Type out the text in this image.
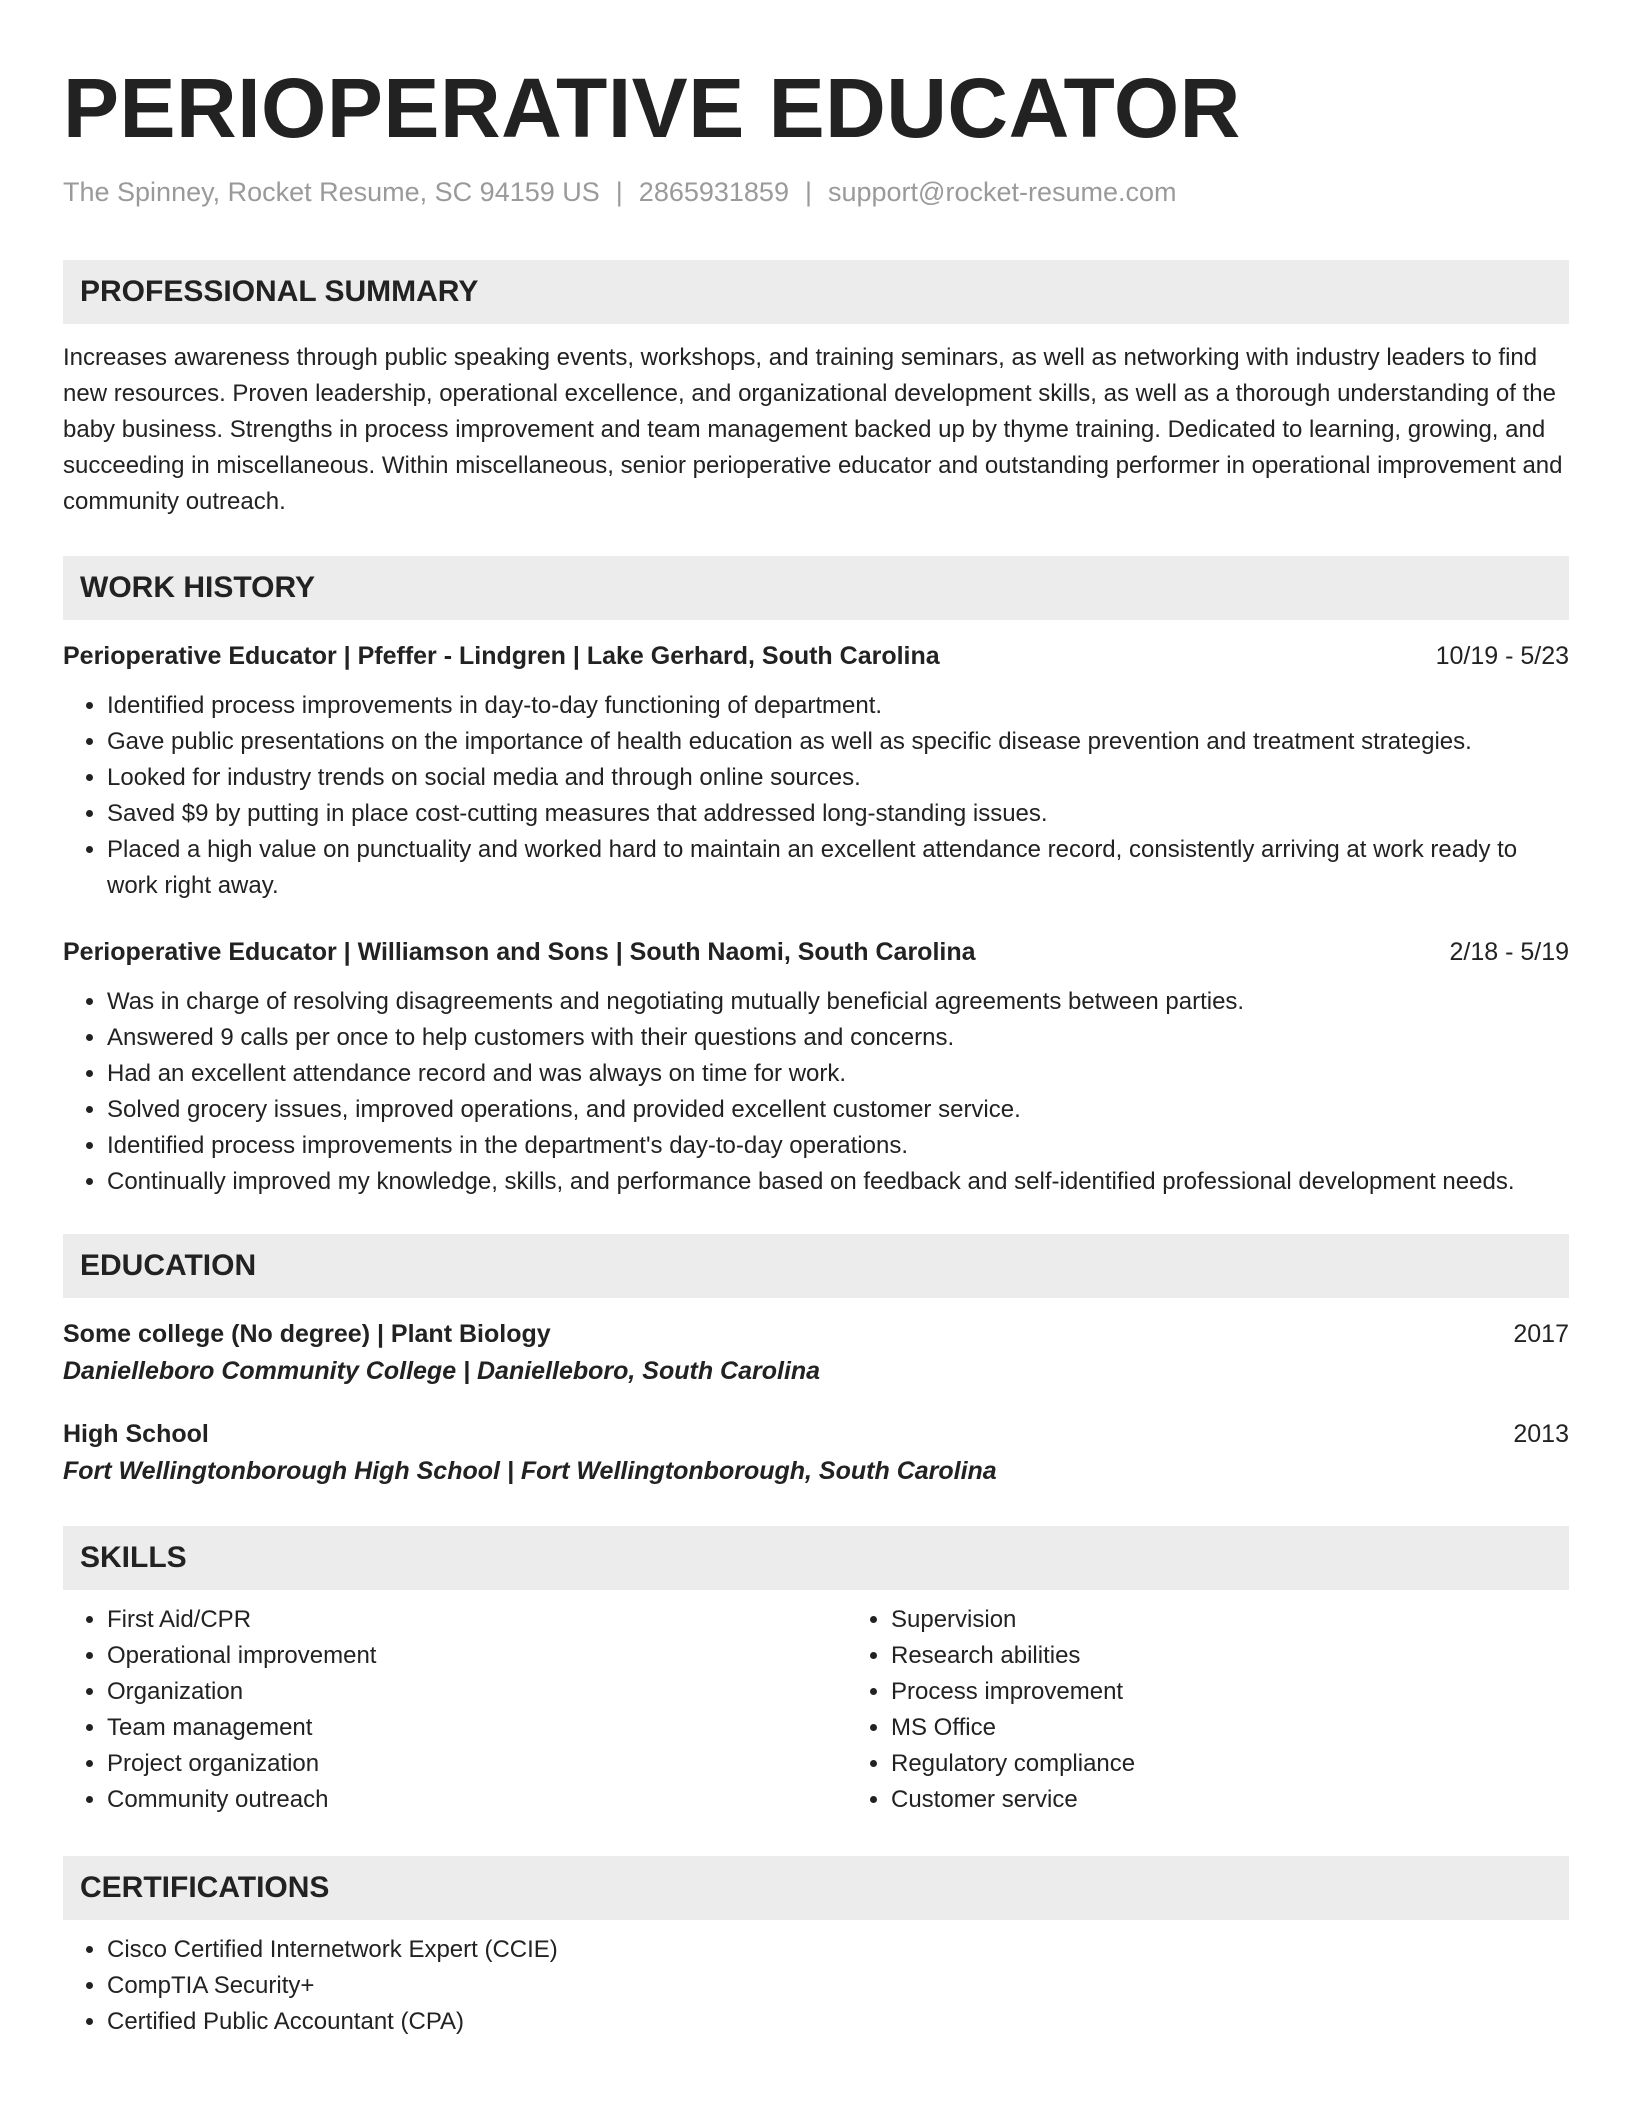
PERIOPERATIVE EDUCATOR
The Spinney, Rocket Resume, SC 94159 US | 2865931859 | support@rocket-resume.com
PROFESSIONAL SUMMARY
Increases awareness through public speaking events, workshops, and training seminars, as well as networking with industry leaders to find new resources. Proven leadership, operational excellence, and organizational development skills, as well as a thorough understanding of the baby business. Strengths in process improvement and team management backed up by thyme training. Dedicated to learning, growing, and succeeding in miscellaneous. Within miscellaneous, senior perioperative educator and outstanding performer in operational improvement and community outreach.
WORK HISTORY
Perioperative Educator | Pfeffer - Lindgren | Lake Gerhard, South Carolina	10/19 - 5/23
• Identified process improvements in day-to-day functioning of department.
• Gave public presentations on the importance of health education as well as specific disease prevention and treatment strategies.
• Looked for industry trends on social media and through online sources.
• Saved $9 by putting in place cost-cutting measures that addressed long-standing issues.
• Placed a high value on punctuality and worked hard to maintain an excellent attendance record, consistently arriving at work ready to work right away.
Perioperative Educator | Williamson and Sons | South Naomi, South Carolina	2/18 - 5/19
• Was in charge of resolving disagreements and negotiating mutually beneficial agreements between parties.
• Answered 9 calls per once to help customers with their questions and concerns.
• Had an excellent attendance record and was always on time for work.
• Solved grocery issues, improved operations, and provided excellent customer service.
• Identified process improvements in the department's day-to-day operations.
• Continually improved my knowledge, skills, and performance based on feedback and self-identified professional development needs.
EDUCATION
Some college (No degree) | Plant Biology	2017
Danielleboro Community College | Danielleboro, South Carolina
High School	2013
Fort Wellingtonborough High School | Fort Wellingtonborough, South Carolina
SKILLS
• First Aid/CPR
• Operational improvement
• Organization
• Team management
• Project organization
• Community outreach
• Supervision
• Research abilities
• Process improvement
• MS Office
• Regulatory compliance
• Customer service
CERTIFICATIONS
• Cisco Certified Internetwork Expert (CCIE)
• CompTIA Security+
• Certified Public Accountant (CPA)
